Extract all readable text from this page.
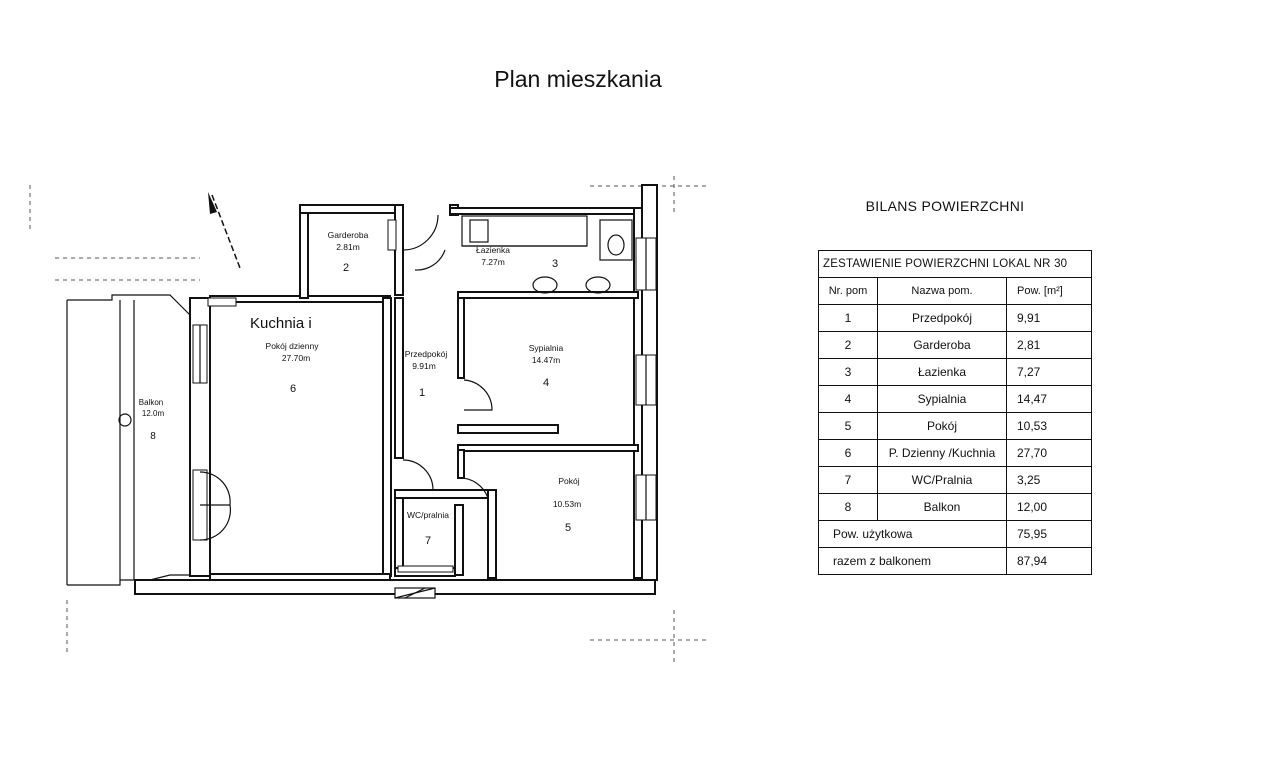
Plan mieszkania
Kuchnia i
Pokój dzienny
27.70m
6
Garderoba
2.81m
2
Łazienka
7.27m	3
Przedpokój
9.91m
1
Sypialnia
14.47m
4
Pokój
10.53m
5
WC/pralnia
7
Balkon
12.0m
8
BILANS POWIERZCHNI
ZESTAWIENIE POWIERZCHNI LOKAL NR 30		
Nr. pom	Nazwa pom.	Pow. [m²]
1	Przedpokój	9,91
2	Garderoba	2,81
3	Łazienka	7,27
4	Sypialnia	14,47
5	Pokój	10,53
6	P. Dzienny /Kuchnia	27,70
7	WC/Pralnia	3,25
8	Balkon	12,00
Pow. użytkowa		75,95
razem z balkonem		87,94
